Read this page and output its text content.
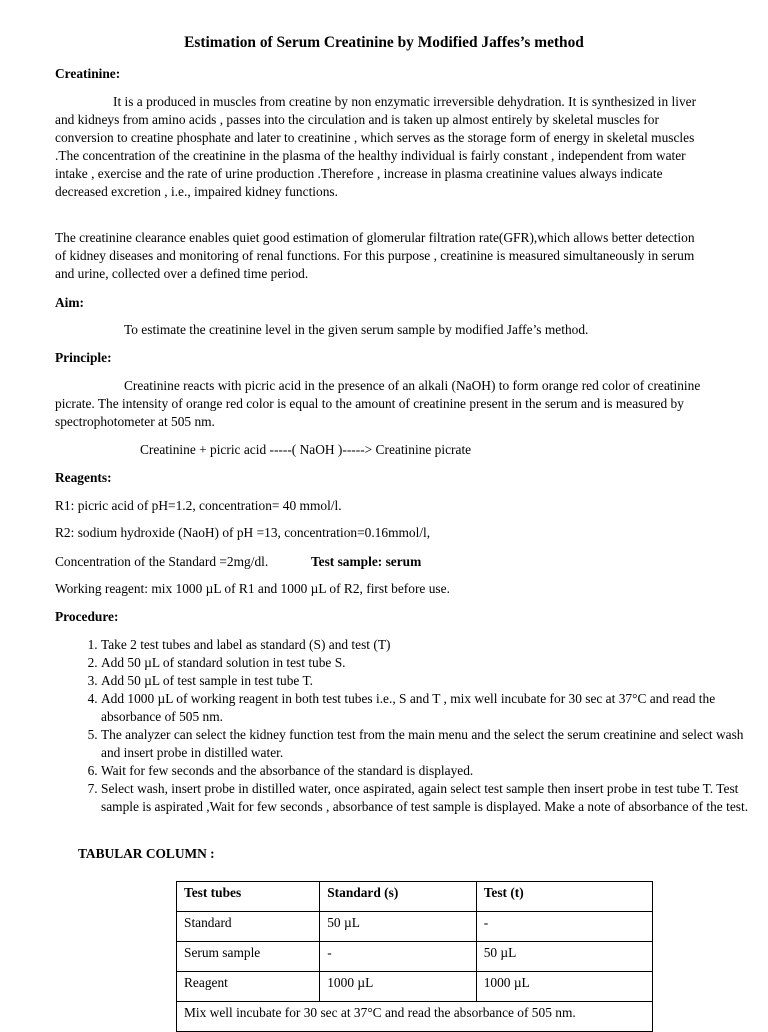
Estimation of Serum Creatinine by Modified Jaffes’s method
Creatinine:
It is a produced in muscles from creatine by non enzymatic irreversible dehydration. It is synthesized in liver and kidneys from amino acids , passes into the circulation and is taken up almost entirely by skeletal muscles for conversion to creatine phosphate and later to creatinine , which serves as the storage form of energy in skeletal muscles .The concentration of the creatinine in the plasma of the healthy individual is fairly constant , independent from water intake , exercise and the rate of urine production .Therefore , increase in plasma creatinine values always indicate decreased excretion , i.e., impaired kidney functions.
The creatinine clearance enables quiet good estimation of glomerular filtration rate(GFR),which allows better detection of kidney diseases and monitoring of renal functions. For this purpose , creatinine is measured simultaneously in serum and urine, collected over a defined time period.
Aim:
To estimate the creatinine level in the given serum sample by modified Jaffe’s method.
Principle:
Creatinine reacts with picric acid in the presence of an alkali (NaOH) to form orange red color of creatinine picrate. The intensity of orange red color is equal to the amount of creatinine present in the serum and is measured by spectrophotometer at 505 nm.
Creatinine + picric acid -----( NaOH )-----> Creatinine picrate
Reagents:
R1: picric acid of pH=1.2, concentration= 40 mmol/l.
R2: sodium hydroxide (NaoH) of pH =13, concentration=0.16mmol/l,
Concentration of the Standard =2mg/dl.	Test sample: serum
Working reagent: mix 1000 µL of R1 and 1000 µL of R2, first before use.
Procedure:
1. Take 2 test tubes and label as standard (S) and test (T)
2. Add 50 µL of standard solution in test tube S.
3. Add 50 µL of test sample in test tube T.
4. Add 1000 µL of working reagent in both test tubes i.e., S and T , mix well incubate for 30 sec at 37°C and read the absorbance of 505 nm.
5. The analyzer can select the kidney function test from the main menu and the select the serum creatinine and select wash and insert probe in distilled water.
6. Wait for few seconds and the absorbance of the standard is displayed.
7. Select wash, insert probe in distilled water, once aspirated, again select test sample then insert probe in test tube T. Test sample is aspirated ,Wait for few seconds , absorbance of test sample is displayed. Make a note of absorbance of the test.
TABULAR COLUMN :
Test tubes	Standard (s)	Test (t)
Standard	50 µL	-
Serum sample	-	50 µL
Reagent	1000 µL	1000 µL
Mix well incubate for 30 sec at 37°C and read the absorbance of 505 nm.		
